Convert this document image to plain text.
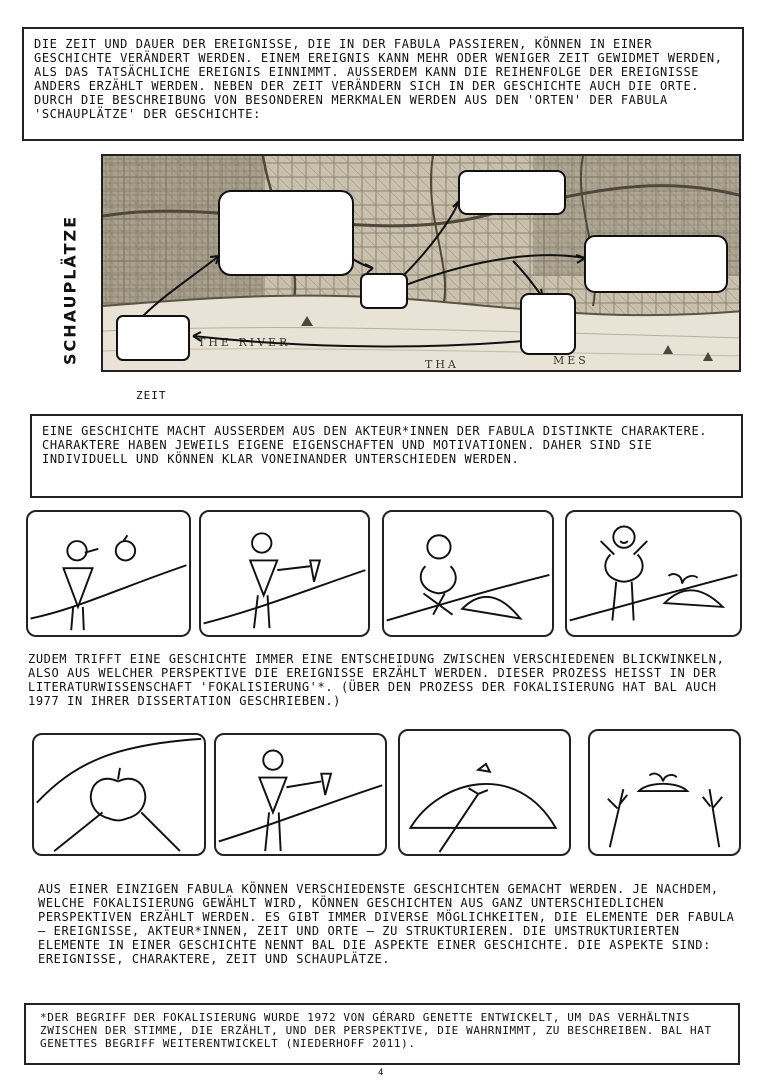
DIE ZEIT UND DAUER DER EREIGNISSE, DIE IN DER FABULA PASSIEREN, KÖNNEN IN EINER GESCHICHTE VERÄNDERT WERDEN. EINEM EREIGNIS KANN MEHR ODER WENIGER ZEIT GEWIDMET WERDEN, ALS DAS TATSÄCHLICHE EREIGNIS EINNIMMT. AUSSERDEM KANN DIE REIHENFOLGE DER EREIGNISSE ANDERS ERZÄHLT WERDEN. NEBEN DER ZEIT VERÄNDERN SICH IN DER GESCHICHTE AUCH DIE ORTE. DURCH DIE BESCHREIBUNG VON BESONDEREN MERKMALEN WERDEN AUS DEN 'ORTEN' DER FABULA 'SCHAUPLÄTZE' DER GESCHICHTE:
SCHAUPLÄTZE	THE RIVER
THA	MES
ZEIT
EINE GESCHICHTE MACHT AUSSERDEM AUS DEN AKTEUR*INNEN DER FABULA DISTINKTE CHARAKTERE. CHARAKTERE HABEN JEWEILS EIGENE EIGENSCHAFTEN UND MOTIVATIONEN. DAHER SIND SIE INDIVIDUELL UND KÖNNEN KLAR VONEINANDER UNTERSCHIEDEN WERDEN.
ZUDEM TRIFFT EINE GESCHICHTE IMMER EINE ENTSCHEIDUNG ZWISCHEN VERSCHIEDENEN BLICKWINKELN, ALSO AUS WELCHER PERSPEKTIVE DIE EREIGNISSE ERZÄHLT WERDEN. DIESER PROZESS HEISST IN DER LITERATURWISSENSCHAFT 'FOKALISIERUNG'*. (ÜBER DEN PROZESS DER FOKALISIERUNG HAT BAL AUCH 1977 IN IHRER DISSERTATION GESCHRIEBEN.)
AUS EINER EINZIGEN FABULA KÖNNEN VERSCHIEDENSTE GESCHICHTEN GEMACHT WERDEN. JE NACHDEM, WELCHE FOKALISIERUNG GEWÄHLT WIRD, KÖNNEN GESCHICHTEN AUS GANZ UNTERSCHIEDLICHEN PERSPEKTIVEN ERZÄHLT WERDEN. ES GIBT IMMER DIVERSE MÖGLICHKEITEN, DIE ELEMENTE DER FABULA – EREIGNISSE, AKTEUR*INNEN, ZEIT UND ORTE – ZU STRUKTURIEREN. DIE UMSTRUKTURIERTEN ELEMENTE IN EINER GESCHICHTE NENNT BAL DIE ASPEKTE EINER GESCHICHTE. DIE ASPEKTE SIND: EREIGNISSE, CHARAKTERE, ZEIT UND SCHAUPLÄTZE.
*DER BEGRIFF DER FOKALISIERUNG WURDE 1972 VON GÉRARD GENETTE ENTWICKELT, UM DAS VERHÄLTNIS ZWISCHEN DER STIMME, DIE ERZÄHLT, UND DER PERSPEKTIVE, DIE WAHRNIMMT, ZU BESCHREIBEN. BAL HAT GENETTES BEGRIFF WEITERENTWICKELT (NIEDERHOFF 2011).
4
